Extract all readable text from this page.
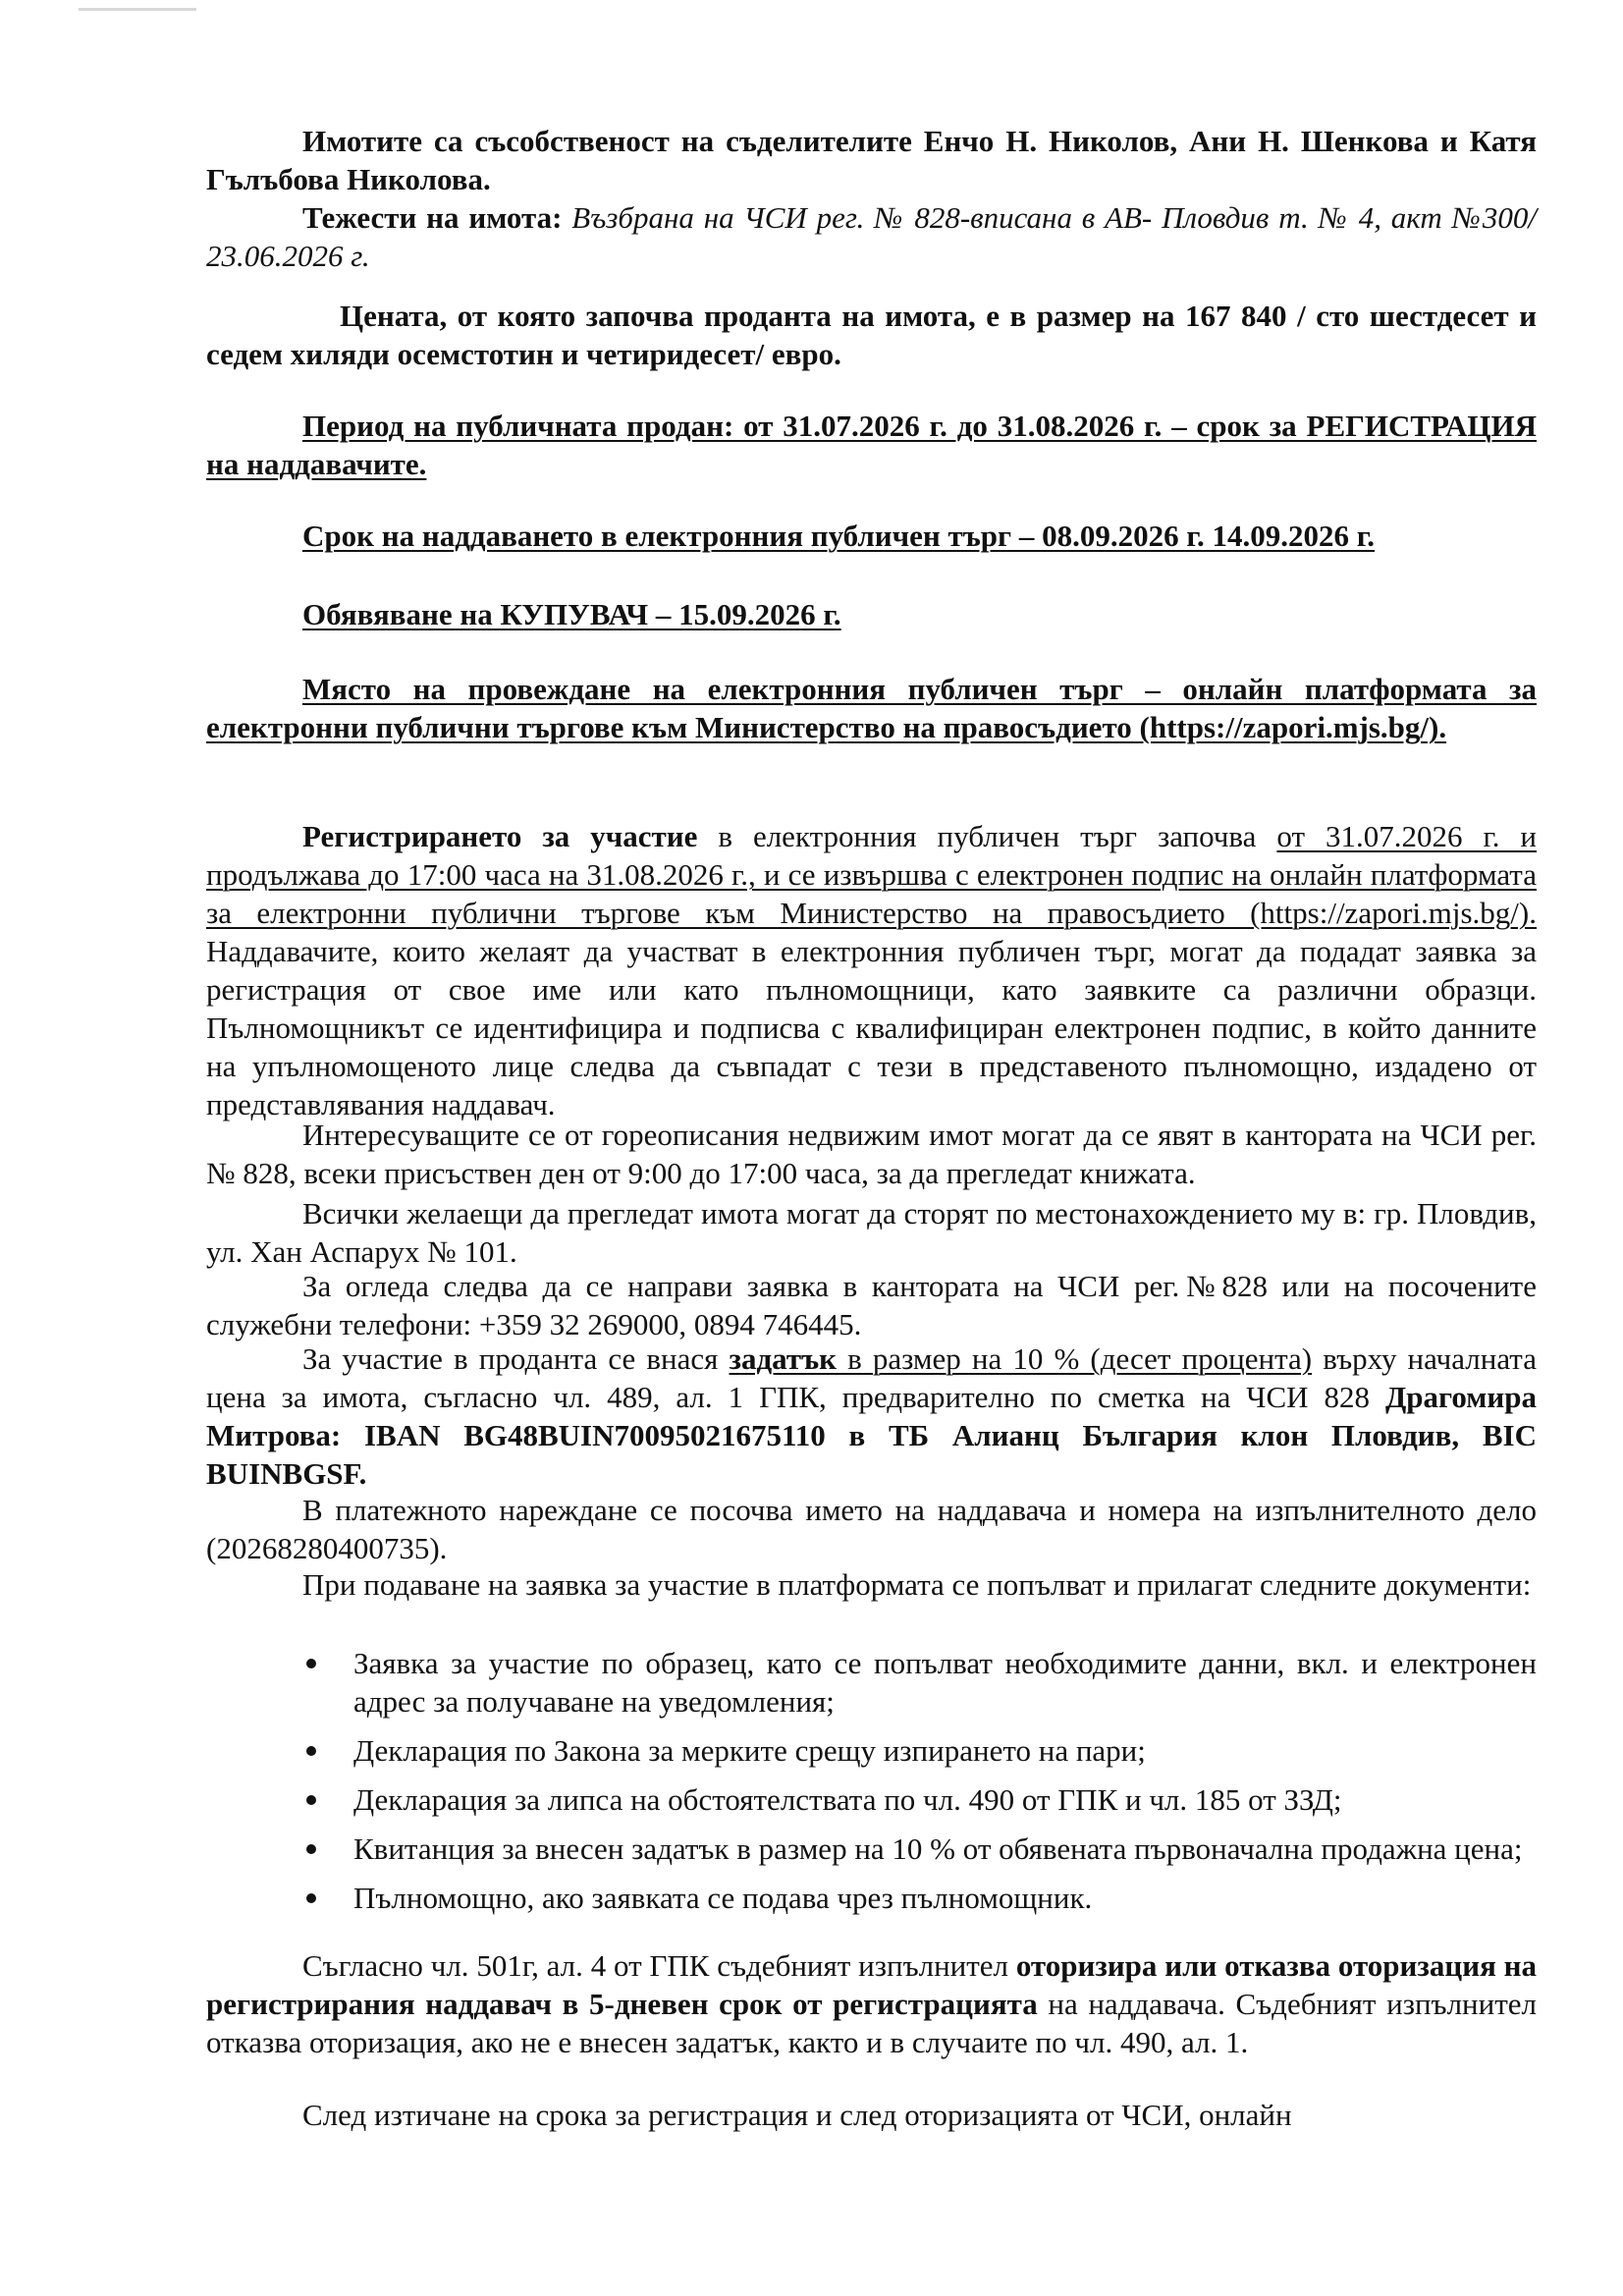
Имотите са съсобственост на съделителите Енчо Н. Николов, Ани Н. Шенкова и Катя Гълъбова Николова.

Тежести на имота: Възбрана на ЧСИ рег. № 828-вписана в АВ- Пловдив т. № 4, акт №300/ 23.06.2026 г.

Цената, от която започва проданта на имота, е в размер на 167 840 / сто шестдесет и седем хиляди осемстотин и четиридесет/ евро.

Период на публичната продан: от 31.07.2026 г. до 31.08.2026 г. – срок за РЕГИСТРАЦИЯ на наддавачите.

Срок на наддаването в електронния публичен търг – 08.09.2026 г. 14.09.2026 г.

Обявяване на КУПУВАЧ – 15.09.2026 г.

Място на провеждане на електронния публичен търг – онлайн платформата за електронни публични търгове към Министерство на правосъдието (https://zapori.mjs.bg/).

Регистрирането за участие в електронния публичен търг започва от 31.07.2026 г. и продължава до 17:00 часа на 31.08.2026 г., и се извършва с електронен подпис на онлайн платформата за електронни публични търгове към Министерство на правосъдието (https://zapori.mjs.bg/). Наддавачите, които желаят да участват в електронния публичен търг, могат да подадат заявка за регистрация от свое име или като пълномощници, като заявките са различни образци. Пълномощникът се идентифицира и подписва с квалифициран електронен подпис, в който данните на упълномощеното лице следва да съвпадат с тези в представеното пълномощно, издадено от представлявания наддавач.

Интересуващите се от гореописания недвижим имот могат да се явят в кантората на ЧСИ рег. № 828, всеки присъствен ден от 9:00 до 17:00 часа, за да прегледат книжата.

Всички желаещи да прегледат имота могат да сторят по местонахождението му в: гр. Пловдив, ул. Хан Аспарух № 101.

За огледа следва да се направи заявка в кантората на ЧСИ рег.№828 или на посочените служебни телефони: +359 32 269000, 0894 746445.

За участие в проданта се внася задатък в размер на 10 % (десет процента) върху началната цена за имота, съгласно чл. 489, ал. 1 ГПК, предварително по сметка на ЧСИ 828 Драгомира Митрова: IBAN BG48BUIN70095021675110 в ТБ Алианц България клон Пловдив, BIC BUINBGSF.

В платежното нареждане се посочва името на наддавача и номера на изпълнителното дело (20268280400735).

При подаване на заявка за участие в платформата се попълват и прилагат следните документи:

Заявка за участие по образец, като се попълват необходимите данни, вкл. и електронен адрес за получаване на уведомления;
Декларация по Закона за мерките срещу изпирането на пари;
Декларация за липса на обстоятелствата по чл. 490 от ГПК и чл. 185 от ЗЗД;
Квитанция за внесен задатък в размер на 10 % от обявената първоначална продажна цена;
Пълномощно, ако заявката се подава чрез пълномощник.

Съгласно чл. 501г, ал. 4 от ГПК съдебният изпълнител оторизира или отказва оторизация на регистрирания наддавач в 5-дневен срок от регистрацията на наддавача. Съдебният изпълнител отказва оторизация, ако не е внесен задатък, както и в случаите по чл. 490, ал. 1.

След изтичане на срока за регистрация и след оторизацията от ЧСИ, онлайн
